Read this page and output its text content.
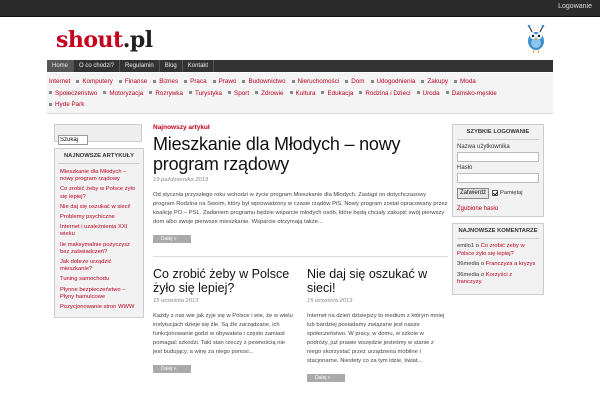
Logowanie
shout.pl
Home	O co chodzi?	Regulamin	Blog	Kontakt
Internet	Komputery	Finanse	Biznes	Praca	Prawo	Budownictwo	Nieruchomości	Dom	Udogodnienia	Zakupy	Moda
Społeczeństwo	Motoryzacja	Rozrywka	Turystyka	Sport	Zdrowie	Kultura	Edukacja	Rodzina i Dzieci	Uroda	Damsko-męskie
Hyde Park
Szukaj
NAJNOWSZE ARTYKUŁY
Mieszkanie dla Młodych – nowy program rządowy
Co zrobić żeby w Polsce żyło się lepiej?
Nie daj się oszukać w sieci!
Problemy psychiczne
Internet i uzależnienia XXI wieku
Ile maksymalnie pożyczysz bez zaświadczeń?
Jak dobrze urządzić mieszkanie?
Tuning samochodu
Płynne bezpieczeństwo – Płyny hamulcowe
Pozycjonowanie stron WWW
Najnowszy artykuł
Mieszkanie dla Młodych – nowy program rządowy
19 października 2013
Od stycznia przyszłego roku wchodzi w życie program Mieszkanie dla Młodych. Zastąpi on dotychczasowy program Rodzina na Swoim, który był wprowadzony w czasie rządów PiS. Nowy program został opracowany przez koalicję PO – PSL. Zadaniem programu będzie wsparcie młodych osób, które będą chciały zakupić swój pierwszy dom albo swoje pierwsze mieszkanie. Wsparcie otrzymają także...
Dalej »
Co zrobić żeby w Polsce żyło się lepiej?
15 września 2013
Każdy z nas wie jak żyje się w Polsce i wie, że w wielu instytucjach dzieje się źle. Są źle zarządzane, ich funkcjonowanie godzi w obywatela i często zamiast pomagać szkodzi. Taki stan rzeczy z pewnością nie jest budujący, a winę za niego ponosi...
Dalej »
Nie daj się oszukać w sieci!
15 września 2013
Internet na dzień dzisiejszy to medium z którym mniej lub bardziej posiadamy związane jest nasze społeczeństwo. W pracy, w domu, w szkole w podróży, już prawie wszędzie jesteśmy w stanie z niego skorzystać przez urządzenia mobilne i stacjonarne. Niestety co za tym idzie, świat...
Dalej »
SZYBKIE LOGOWANIE
Nazwa użytkownika
Hasło
Zatwierdź	Pamiętaj
Zgubione hasło
NAJNOWSZE KOMENTARZE
emilo1 o Co zrobić żeby w Polsce żyło się lepiej?
36media o Franczyza a kryzys
36media o Korzyści z franczyzy.
